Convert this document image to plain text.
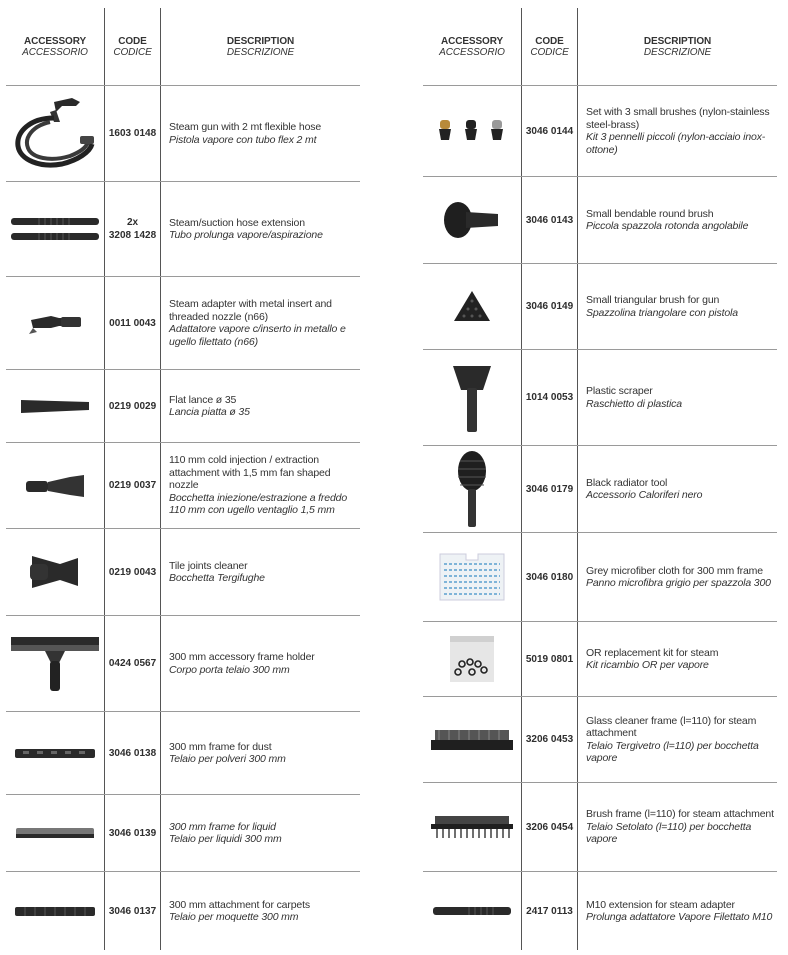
ACCESSORY
ACCESSORIO
CODE
CODICE
DESCRIPTION
DESCRIZIONE
1603 0148
Steam gun with 2 mt flexible hose
Pistola vapore con tubo flex 2 mt
2x
3208 1428
Steam/suction hose extension
Tubo prolunga vapore/aspirazione
0011 0043
Steam adapter with metal insert and threaded nozzle (n66)
Adattatore vapore c/inserto in metallo e ugello filettato (n66)
0219 0029
Flat lance ø 35
Lancia piatta ø 35
0219 0037
110 mm cold injection / extraction attachment with 1,5 mm fan shaped nozzle
Bocchetta iniezione/estrazione a freddo 110 mm con ugello ventaglio 1,5 mm
0219 0043
Tile joints cleaner
Bocchetta Tergifughe
0424 0567
300 mm accessory frame holder
Corpo porta telaio 300 mm
3046 0138
300 mm frame for dust
Telaio per polveri 300 mm
3046 0139
300 mm frame for liquid
Telaio per liquidi 300 mm
3046 0137
300 mm attachment for carpets
Telaio per moquette 300 mm
ACCESSORY
ACCESSORIO
CODE
CODICE
DESCRIPTION
DESCRIZIONE
3046 0144
Set with 3 small brushes (nylon-stainless steel-brass)
Kit 3 pennelli piccoli (nylon-acciaio inox-ottone)
3046 0143
Small bendable round brush
Piccola spazzola rotonda angolabile
3046 0149
Small triangular brush for gun
Spazzolina triangolare con pistola
1014 0053
Plastic scraper
Raschietto di plastica
3046 0179
Black radiator tool
Accessorio Caloriferi nero
3046 0180
Grey microfiber cloth for 300 mm frame
Panno microfibra grigio per spazzola 300
5019 0801
OR replacement kit for steam
Kit ricambio OR per vapore
3206 0453
Glass cleaner frame (l=110) for steam attachment
Telaio Tergivetro (l=110) per bocchetta vapore
3206 0454
Brush frame (l=110) for steam attachment
Telaio Setolato (l=110) per bocchetta vapore
2417 0113
M10 extension for steam adapter
Prolunga adattatore Vapore Filettato M10
